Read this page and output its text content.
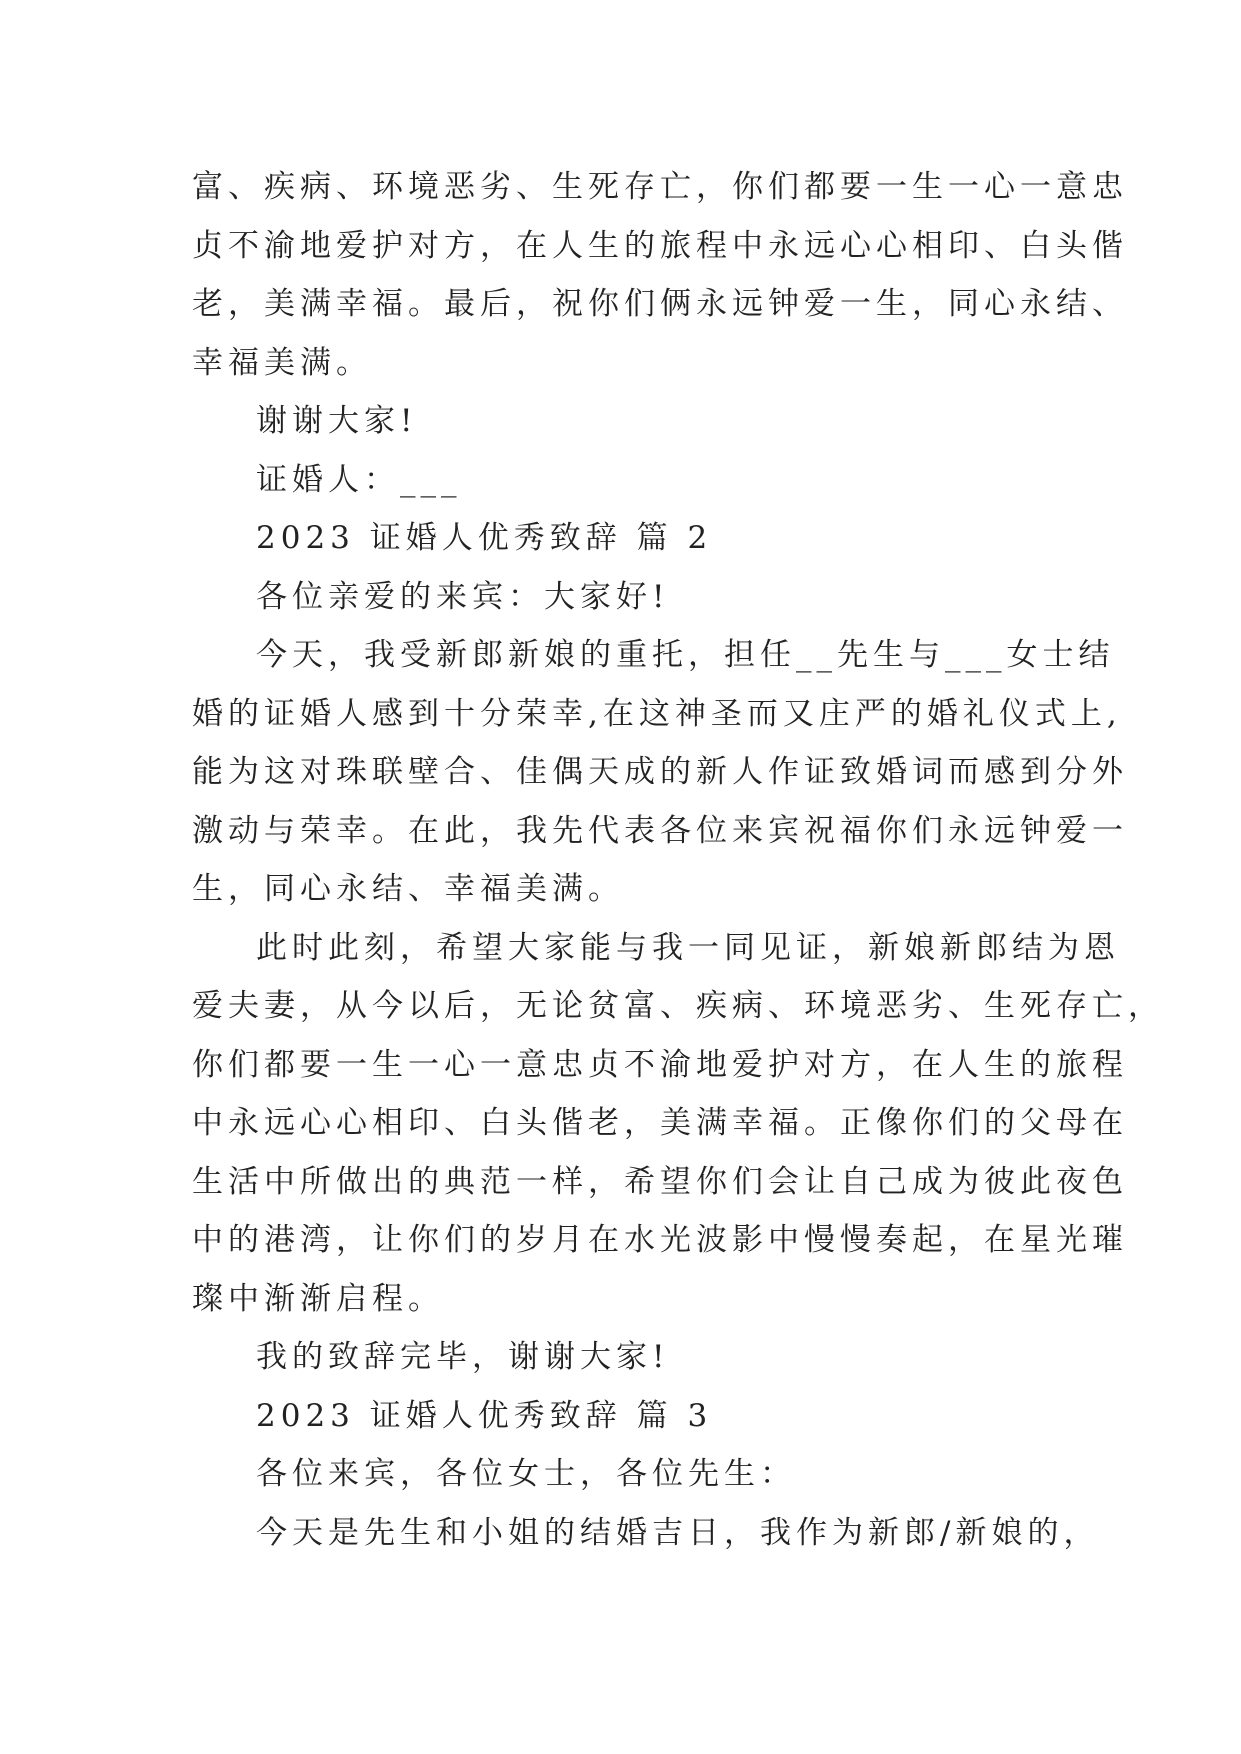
富、疾病、环境恶劣、生死存亡，你们都要一生一心一意忠
贞不渝地爱护对方，在人生的旅程中永远心心相印、白头偕
老，美满幸福。最后，祝你们俩永远钟爱一生，同心永结、
幸福美满。
谢谢大家!
证婚人：___
2023 证婚人优秀致辞 篇 2
各位亲爱的来宾：大家好!
今天，我受新郎新娘的重托，担任__先生与___女士结
婚的证婚人感到十分荣幸,在这神圣而又庄严的婚礼仪式上,
能为这对珠联壁合、佳偶天成的新人作证致婚词而感到分外
激动与荣幸。在此，我先代表各位来宾祝福你们永远钟爱一
生，同心永结、幸福美满。
此时此刻，希望大家能与我一同见证，新娘新郎结为恩
爱夫妻，从今以后，无论贫富、疾病、环境恶劣、生死存亡，
你们都要一生一心一意忠贞不渝地爱护对方，在人生的旅程
中永远心心相印、白头偕老，美满幸福。正像你们的父母在
生活中所做出的典范一样，希望你们会让自己成为彼此夜色
中的港湾，让你们的岁月在水光波影中慢慢奏起，在星光璀
璨中渐渐启程。
我的致辞完毕，谢谢大家!
2023 证婚人优秀致辞 篇 3
各位来宾，各位女士，各位先生：
今天是先生和小姐的结婚吉日，我作为新郎/新娘的，
